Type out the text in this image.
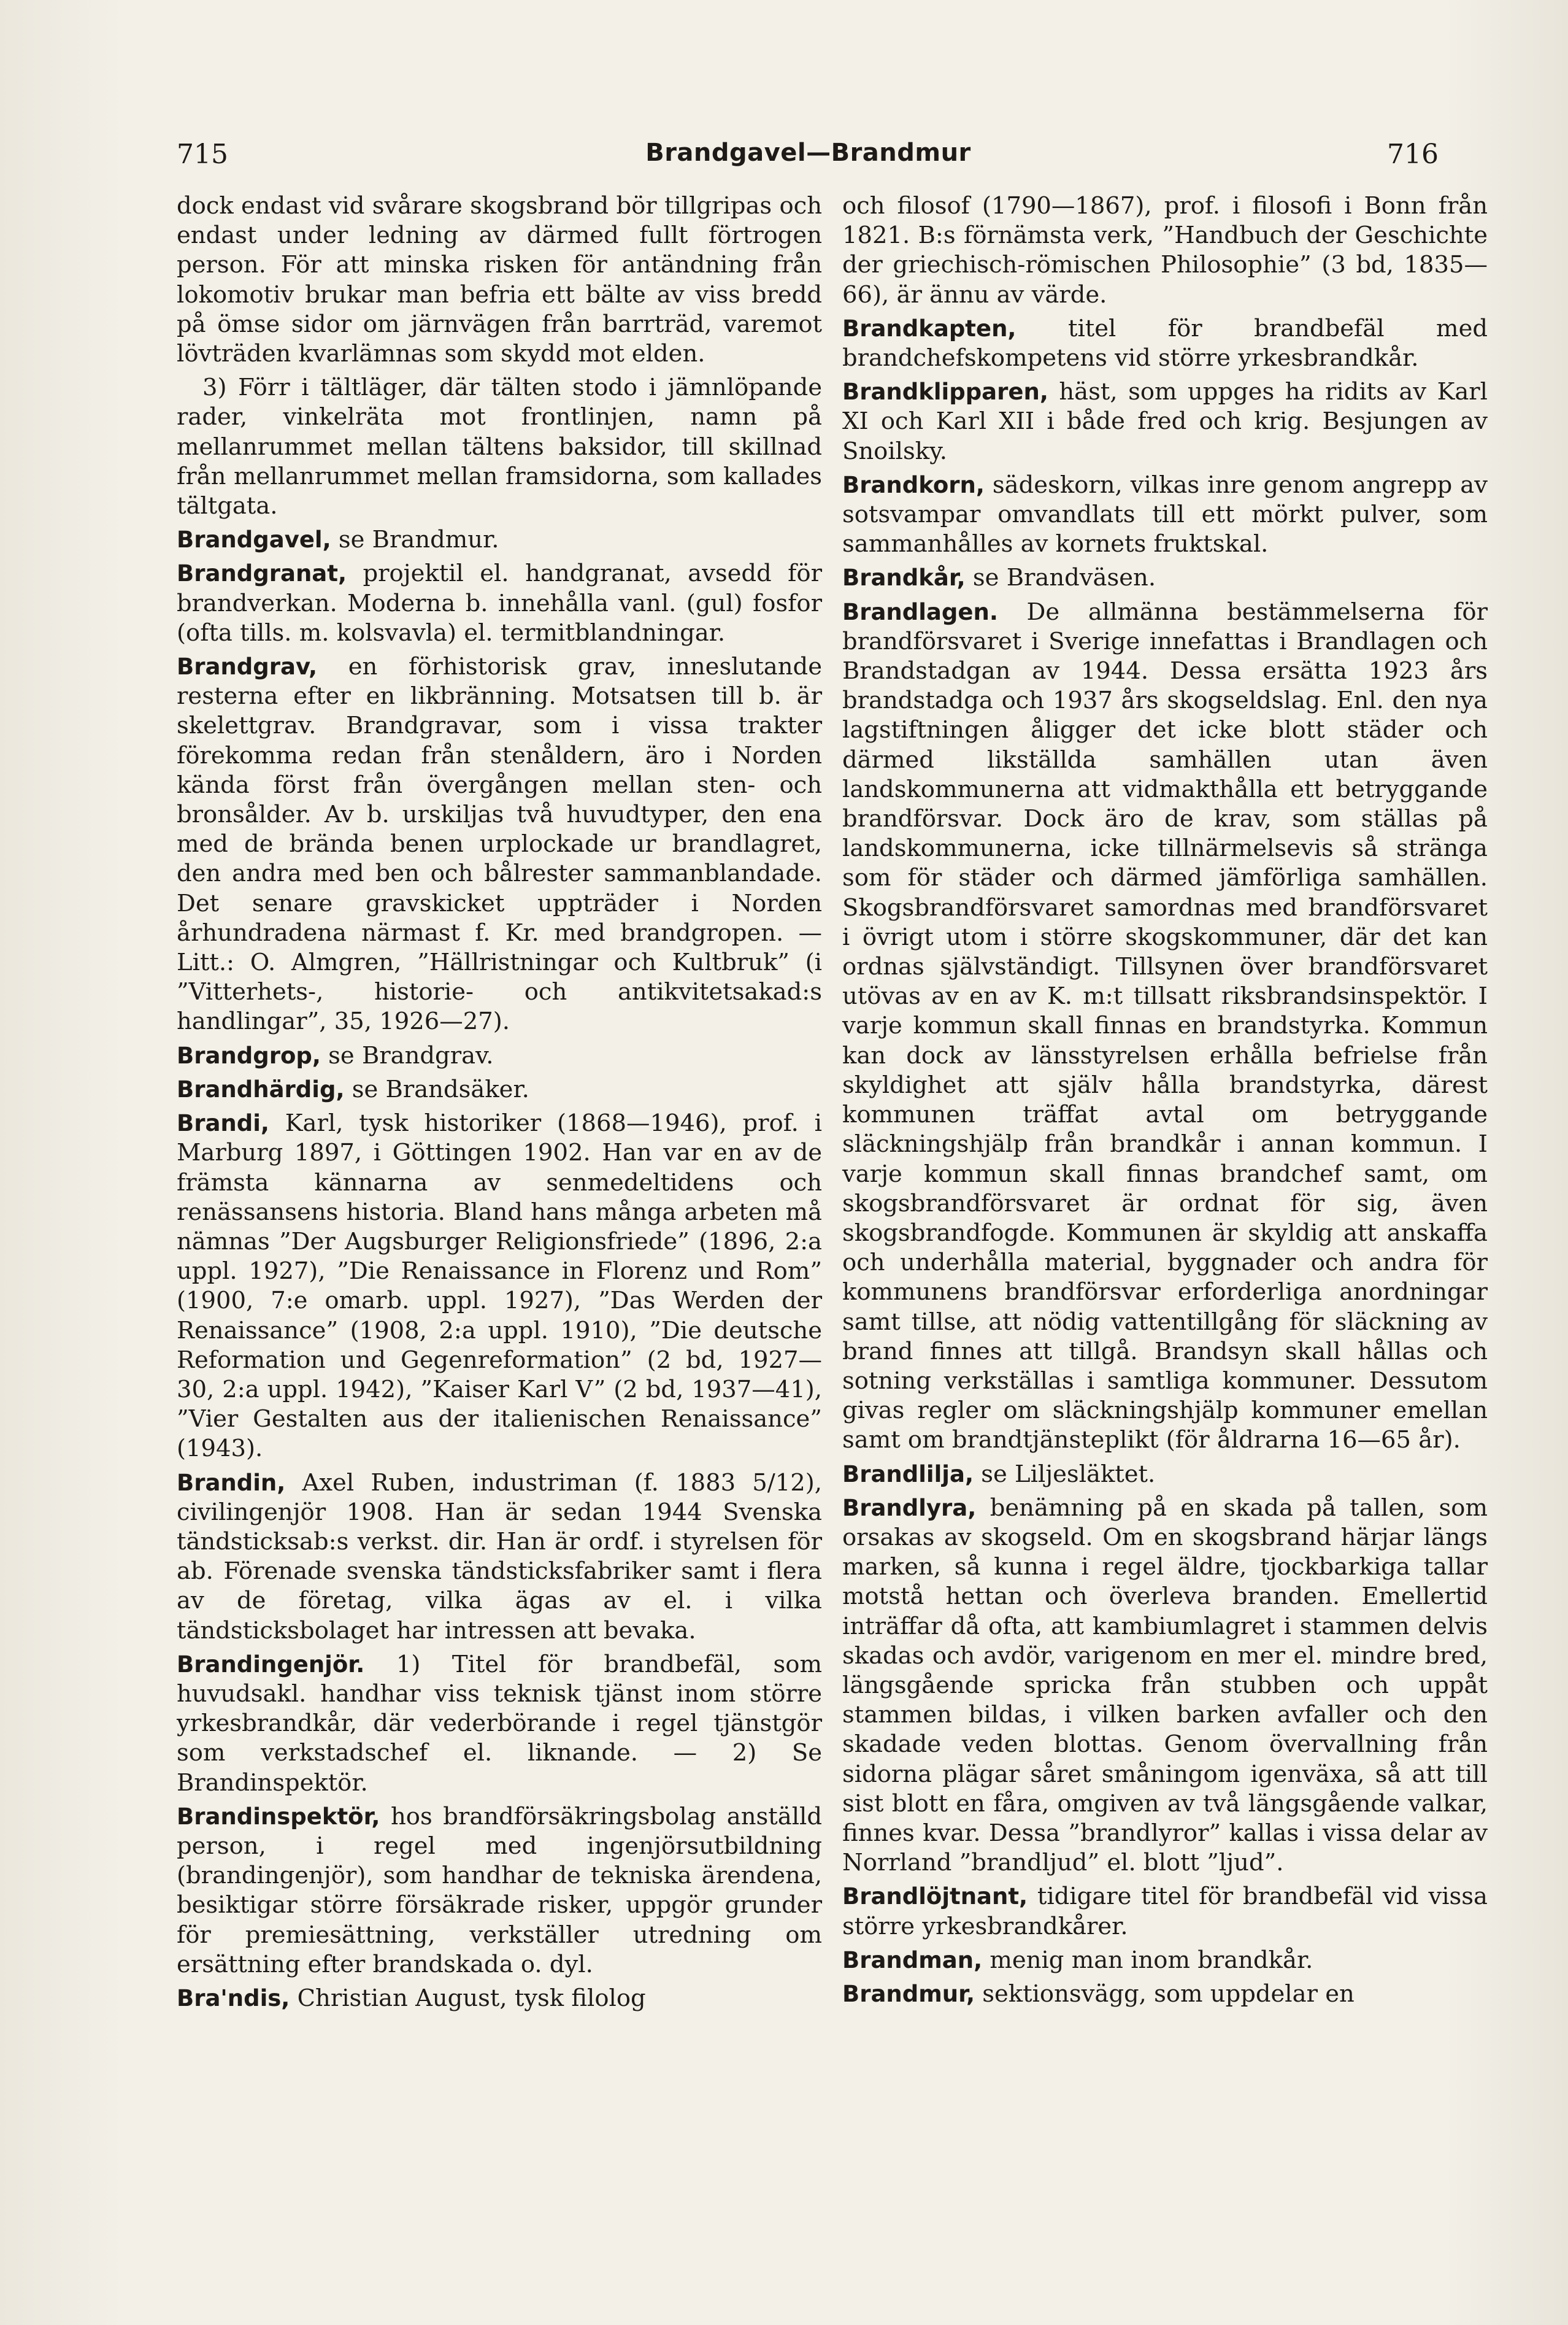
715	Brandgavel—Brandmur	716

dock endast vid svårare skogsbrand bör tillgripas och endast under ledning av därmed fullt förtrogen person. För att minska risken för antändning från lokomotiv brukar man befria ett bälte av viss bredd på ömse sidor om järnvägen från barrträd, varemot lövträden kvarlämnas som skydd mot elden.

3) Förr i tältläger, där tälten stodo i jämnlöpande rader, vinkelräta mot frontlinjen, namn på mellanrummet mellan tältens baksidor, till skillnad från mellanrummet mellan framsidorna, som kallades tältgata.

Brandgavel, se Brandmur.

Brandgranat, projektil el. handgranat, avsedd för brandverkan. Moderna b. innehålla vanl. (gul) fosfor (ofta tills. m. kolsvavla) el. termitblandningar.

Brandgrav, en förhistorisk grav, inneslutande resterna efter en likbränning. Motsatsen till b. är skelettgrav. Brandgravar, som i vissa trakter förekomma redan från stenåldern, äro i Norden kända först från övergången mellan sten- och bronsålder. Av b. urskiljas två huvudtyper, den ena med de brända benen urplockade ur brandlagret, den andra med ben och bålrester sammanblandade. Det senare gravskicket uppträder i Norden århundradena närmast f. Kr. med brandgropen. — Litt.: O. Almgren, ”Hällristningar och Kultbruk” (i ”Vitterhets-, historie- och antikvitetsakad:s handlingar”, 35, 1926—27).

Brandgrop, se Brandgrav.

Brandhärdig, se Brandsäker.

Brandi, Karl, tysk historiker (1868—1946), prof. i Marburg 1897, i Göttingen 1902. Han var en av de främsta kännarna av senmedeltidens och renässansens historia. Bland hans många arbeten må nämnas ”Der Augsburger Religionsfriede” (1896, 2:a uppl. 1927), ”Die Renaissance in Florenz und Rom” (1900, 7:e omarb. uppl. 1927), ”Das Werden der Renaissance” (1908, 2:a uppl. 1910), ”Die deutsche Reformation und Gegenreformation” (2 bd, 1927—30, 2:a uppl. 1942), ”Kaiser Karl V” (2 bd, 1937—41), ”Vier Gestalten aus der italienischen Renaissance” (1943).

Brandin, Axel Ruben, industriman (f. 1883 5/12), civilingenjör 1908. Han är sedan 1944 Svenska tändsticksab:s verkst. dir. Han är ordf. i styrelsen för ab. Förenade svenska tändsticksfabriker samt i flera av de företag, vilka ägas av el. i vilka tändsticksbolaget har intressen att bevaka.

Brandingenjör. 1) Titel för brandbefäl, som huvudsakl. handhar viss teknisk tjänst inom större yrkesbrandkår, där vederbörande i regel tjänstgör som verkstadschef el. liknande. — 2) Se Brandinspektör.

Brandinspektör, hos brandförsäkringsbolag anställd person, i regel med ingenjörsutbildning (brandingenjör), som handhar de tekniska ärendena, besiktigar större försäkrade risker, uppgör grunder för premiesättning, verkställer utredning om ersättning efter brandskada o. dyl.

Bra'ndis, Christian August, tysk filolog

och filosof (1790—1867), prof. i filosofi i Bonn från 1821. B:s förnämsta verk, ”Handbuch der Geschichte der griechisch-römischen Philosophie” (3 bd, 1835—66), är ännu av värde.

Brandkapten, titel för brandbefäl med brandchefskompetens vid större yrkesbrandkår.

Brandklipparen, häst, som uppges ha ridits av Karl XI och Karl XII i både fred och krig. Besjungen av Snoilsky.

Brandkorn, sädeskorn, vilkas inre genom angrepp av sotsvampar omvandlats till ett mörkt pulver, som sammanhålles av kornets fruktskal.

Brandkår, se Brandväsen.

Brandlagen. De allmänna bestämmelserna för brandförsvaret i Sverige innefattas i Brandlagen och Brandstadgan av 1944. Dessa ersätta 1923 års brandstadga och 1937 års skogseldslag. Enl. den nya lagstiftningen åligger det icke blott städer och därmed likställda samhällen utan även landskommunerna att vidmakthålla ett betryggande brandförsvar. Dock äro de krav, som ställas på landskommunerna, icke tillnärmelsevis så stränga som för städer och därmed jämförliga samhällen. Skogsbrandförsvaret samordnas med brandförsvaret i övrigt utom i större skogskommuner, där det kan ordnas självständigt. Tillsynen över brandförsvaret utövas av en av K. m:t tillsatt riksbrandsinspektör. I varje kommun skall finnas en brandstyrka. Kommun kan dock av länsstyrelsen erhålla befrielse från skyldighet att själv hålla brandstyrka, därest kommunen träffat avtal om betryggande släckningshjälp från brandkår i annan kommun. I varje kommun skall finnas brandchef samt, om skogsbrandförsvaret är ordnat för sig, även skogsbrandfogde. Kommunen är skyldig att anskaffa och underhålla material, byggnader och andra för kommunens brandförsvar erforderliga anordningar samt tillse, att nödig vattentillgång för släckning av brand finnes att tillgå. Brandsyn skall hållas och sotning verkställas i samtliga kommuner. Dessutom givas regler om släckningshjälp kommuner emellan samt om brandtjänsteplikt (för åldrarna 16—65 år).

Brandlilja, se Liljesläktet.

Brandlyra, benämning på en skada på tallen, som orsakas av skogseld. Om en skogsbrand härjar längs marken, så kunna i regel äldre, tjockbarkiga tallar motstå hettan och överleva branden. Emellertid inträffar då ofta, att kambiumlagret i stammen delvis skadas och avdör, varigenom en mer el. mindre bred, längsgående spricka från stubben och uppåt stammen bildas, i vilken barken avfaller och den skadade veden blottas. Genom övervallning från sidorna plägar såret småningom igenväxa, så att till sist blott en fåra, omgiven av två längsgående valkar, finnes kvar. Dessa ”brandlyror” kallas i vissa delar av Norrland ”brandljud” el. blott ”ljud”.

Brandlöjtnant, tidigare titel för brandbefäl vid vissa större yrkesbrandkårer.

Brandman, menig man inom brandkår.

Brandmur, sektionsvägg, som uppdelar en
